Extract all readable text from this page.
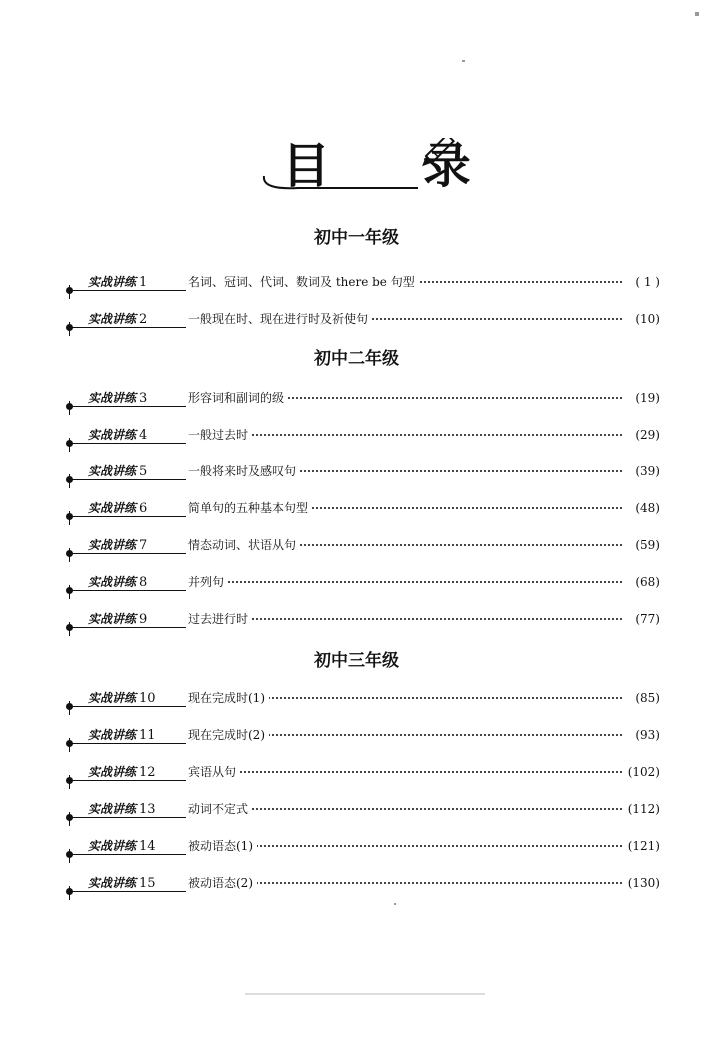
目 录
初中一年级
实战讲练 1	名词、冠词、代词、数词及 there be 句型	( 1 )
实战讲练 2	一般现在时、现在进行时及祈使句	(10)
初中二年级
实战讲练 3	形容词和副词的级	(19)
实战讲练 4	一般过去时	(29)
实战讲练 5	一般将来时及感叹句	(39)
实战讲练 6	简单句的五种基本句型	(48)
实战讲练 7	情态动词、状语从句	(59)
实战讲练 8	并列句	(68)
实战讲练 9	过去进行时	(77)
初中三年级
实战讲练 10	现在完成时(1)	(85)
实战讲练 11	现在完成时(2)	(93)
实战讲练 12	宾语从句	(102)
实战讲练 13	动词不定式	(112)
实战讲练 14	被动语态(1)	(121)
实战讲练 15	被动语态(2)	(130)
